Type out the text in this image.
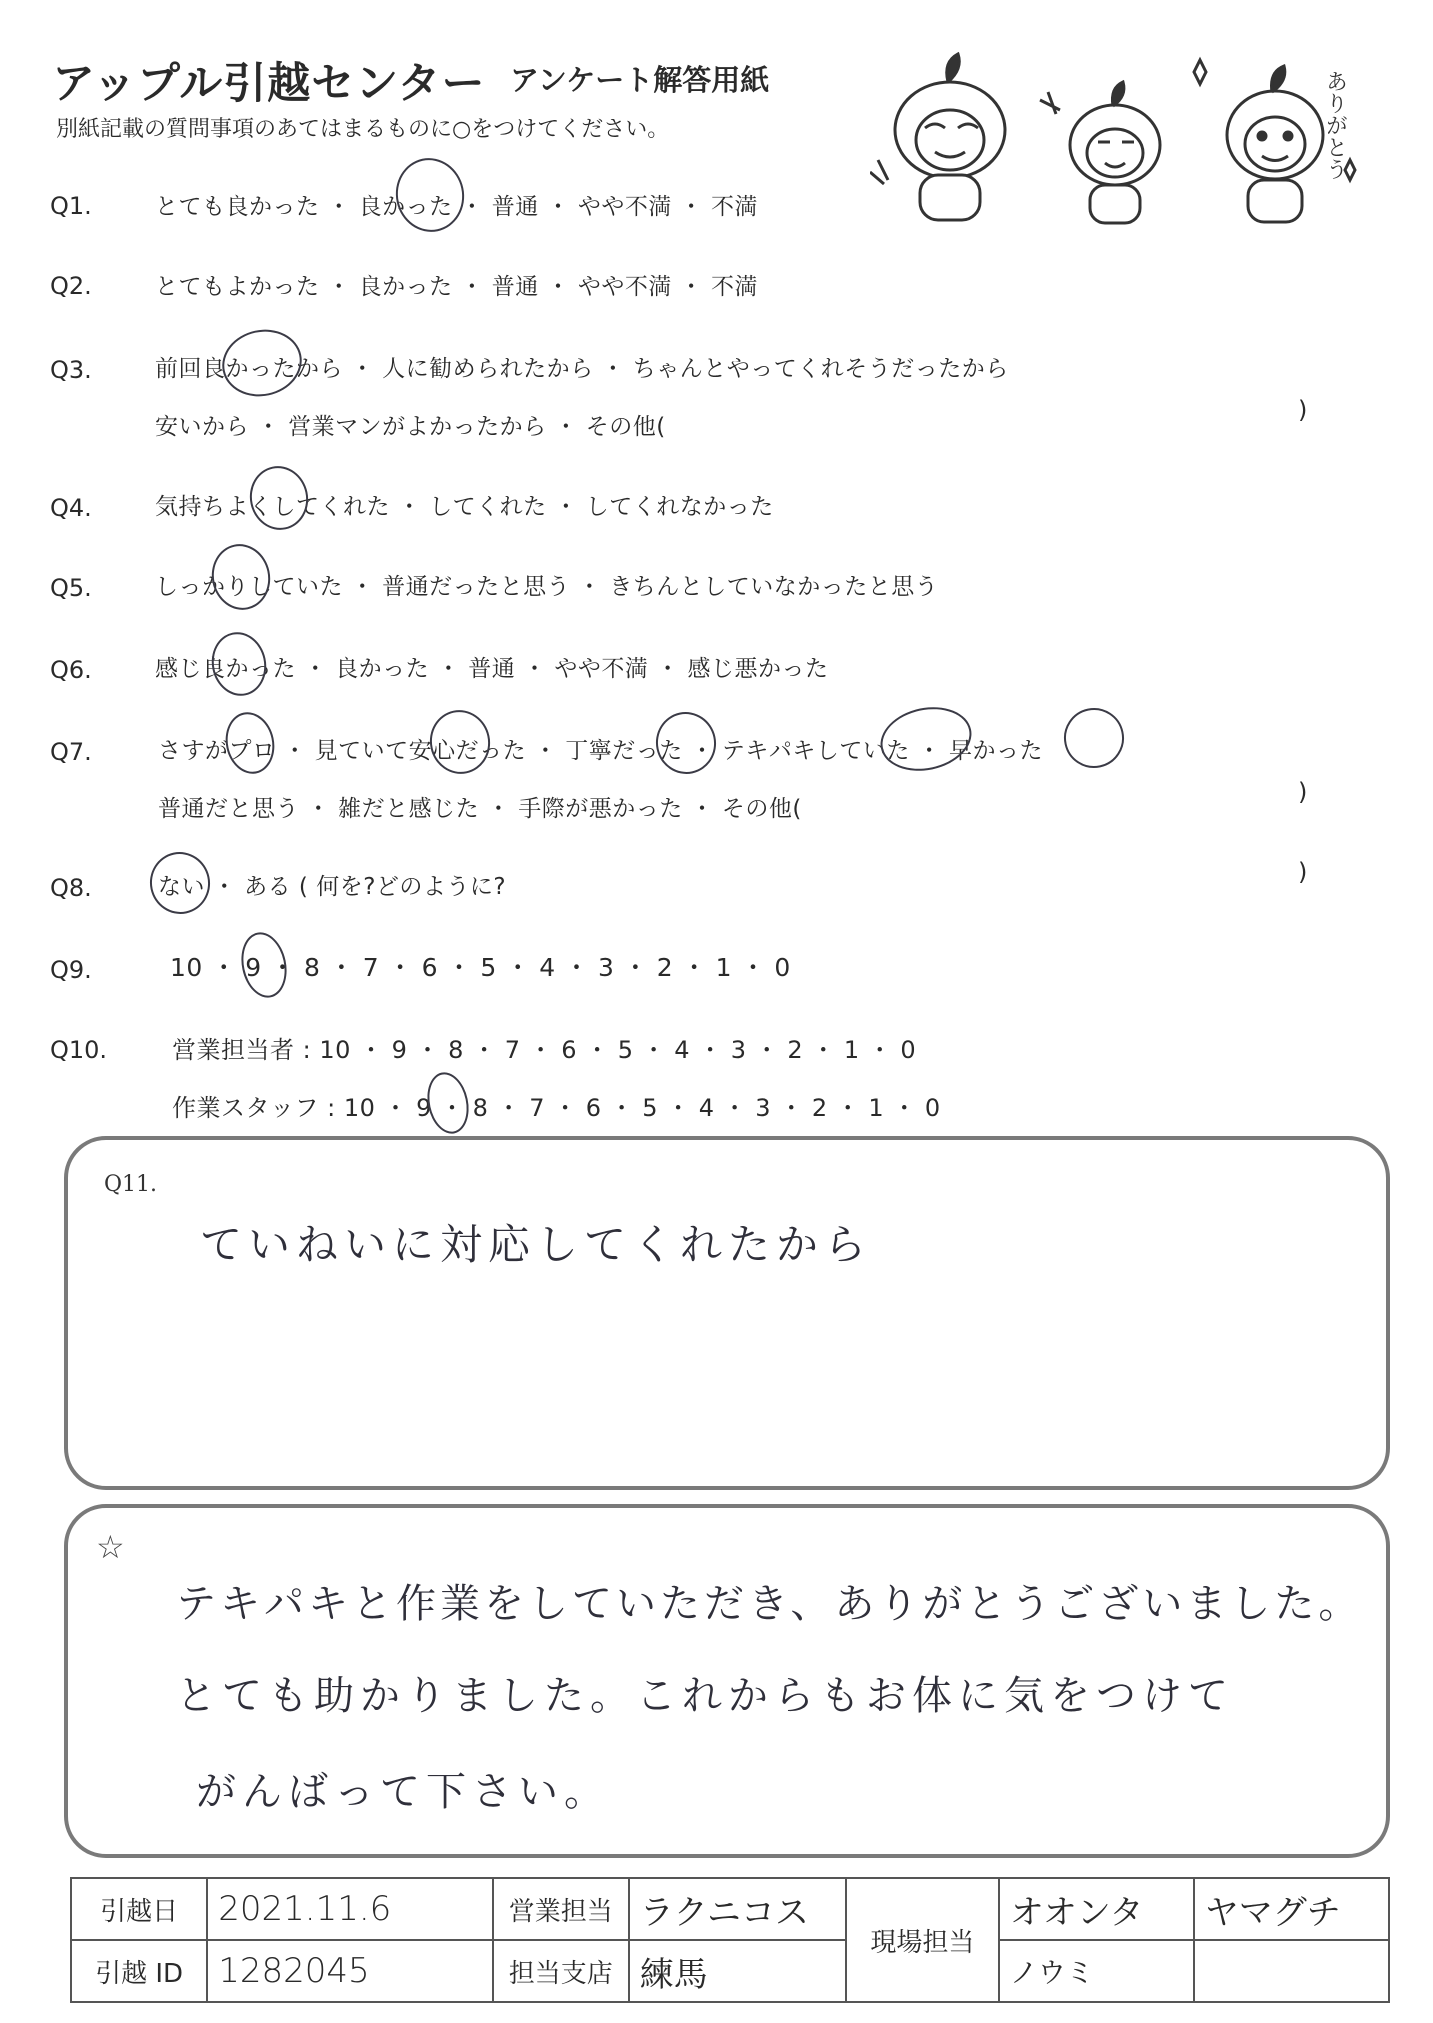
アップル引越センター アンケート解答用紙
別紙記載の質問事項のあてはまるものに○をつけてください。	ありがとう
Q1.	とても良かった ・ 良かった ・ 普通 ・ やや不満 ・ 不満
Q2.	とてもよかった ・ 良かった ・ 普通 ・ やや不満 ・ 不満
Q3.	前回良かったから ・ 人に勧められたから ・ ちゃんとやってくれそうだったから
安いから ・ 営業マンがよかったから ・ その他(
)
Q4.	気持ちよくしてくれた ・ してくれた ・ してくれなかった
Q5.	しっかりしていた ・ 普通だったと思う ・ きちんとしていなかったと思う
Q6.	感じ良かった ・ 良かった ・ 普通 ・ やや不満 ・ 感じ悪かった
Q7.	さすがプロ ・ 見ていて安心だった ・ 丁寧だった ・ テキパキしていた ・ 早かった
普通だと思う ・ 雑だと感じた ・ 手際が悪かった ・ その他(
)
Q8.	ない ・ ある ( 何を?どのように?
)
Q9.	10 ・ 9 ・ 8 ・ 7 ・ 6 ・ 5 ・ 4 ・ 3 ・ 2 ・ 1 ・ 0
Q10.	営業担当者 : 10 ・ 9 ・ 8 ・ 7 ・ 6 ・ 5 ・ 4 ・ 3 ・ 2 ・ 1 ・ 0
作業スタッフ : 10 ・ 9 ・ 8 ・ 7 ・ 6 ・ 5 ・ 4 ・ 3 ・ 2 ・ 1 ・ 0
Q11.
ていねいに対応してくれたから
☆
テキパキと作業をしていただき、ありがとうございました。
とても助かりました。これからもお体に気をつけて
がんばって下さい。
引越日	2021.11.6	営業担当	ラクニコス	現場担当	オオンタ	ヤマグチ
引越 ID	1282045	担当支店	練馬		ノウミ	
